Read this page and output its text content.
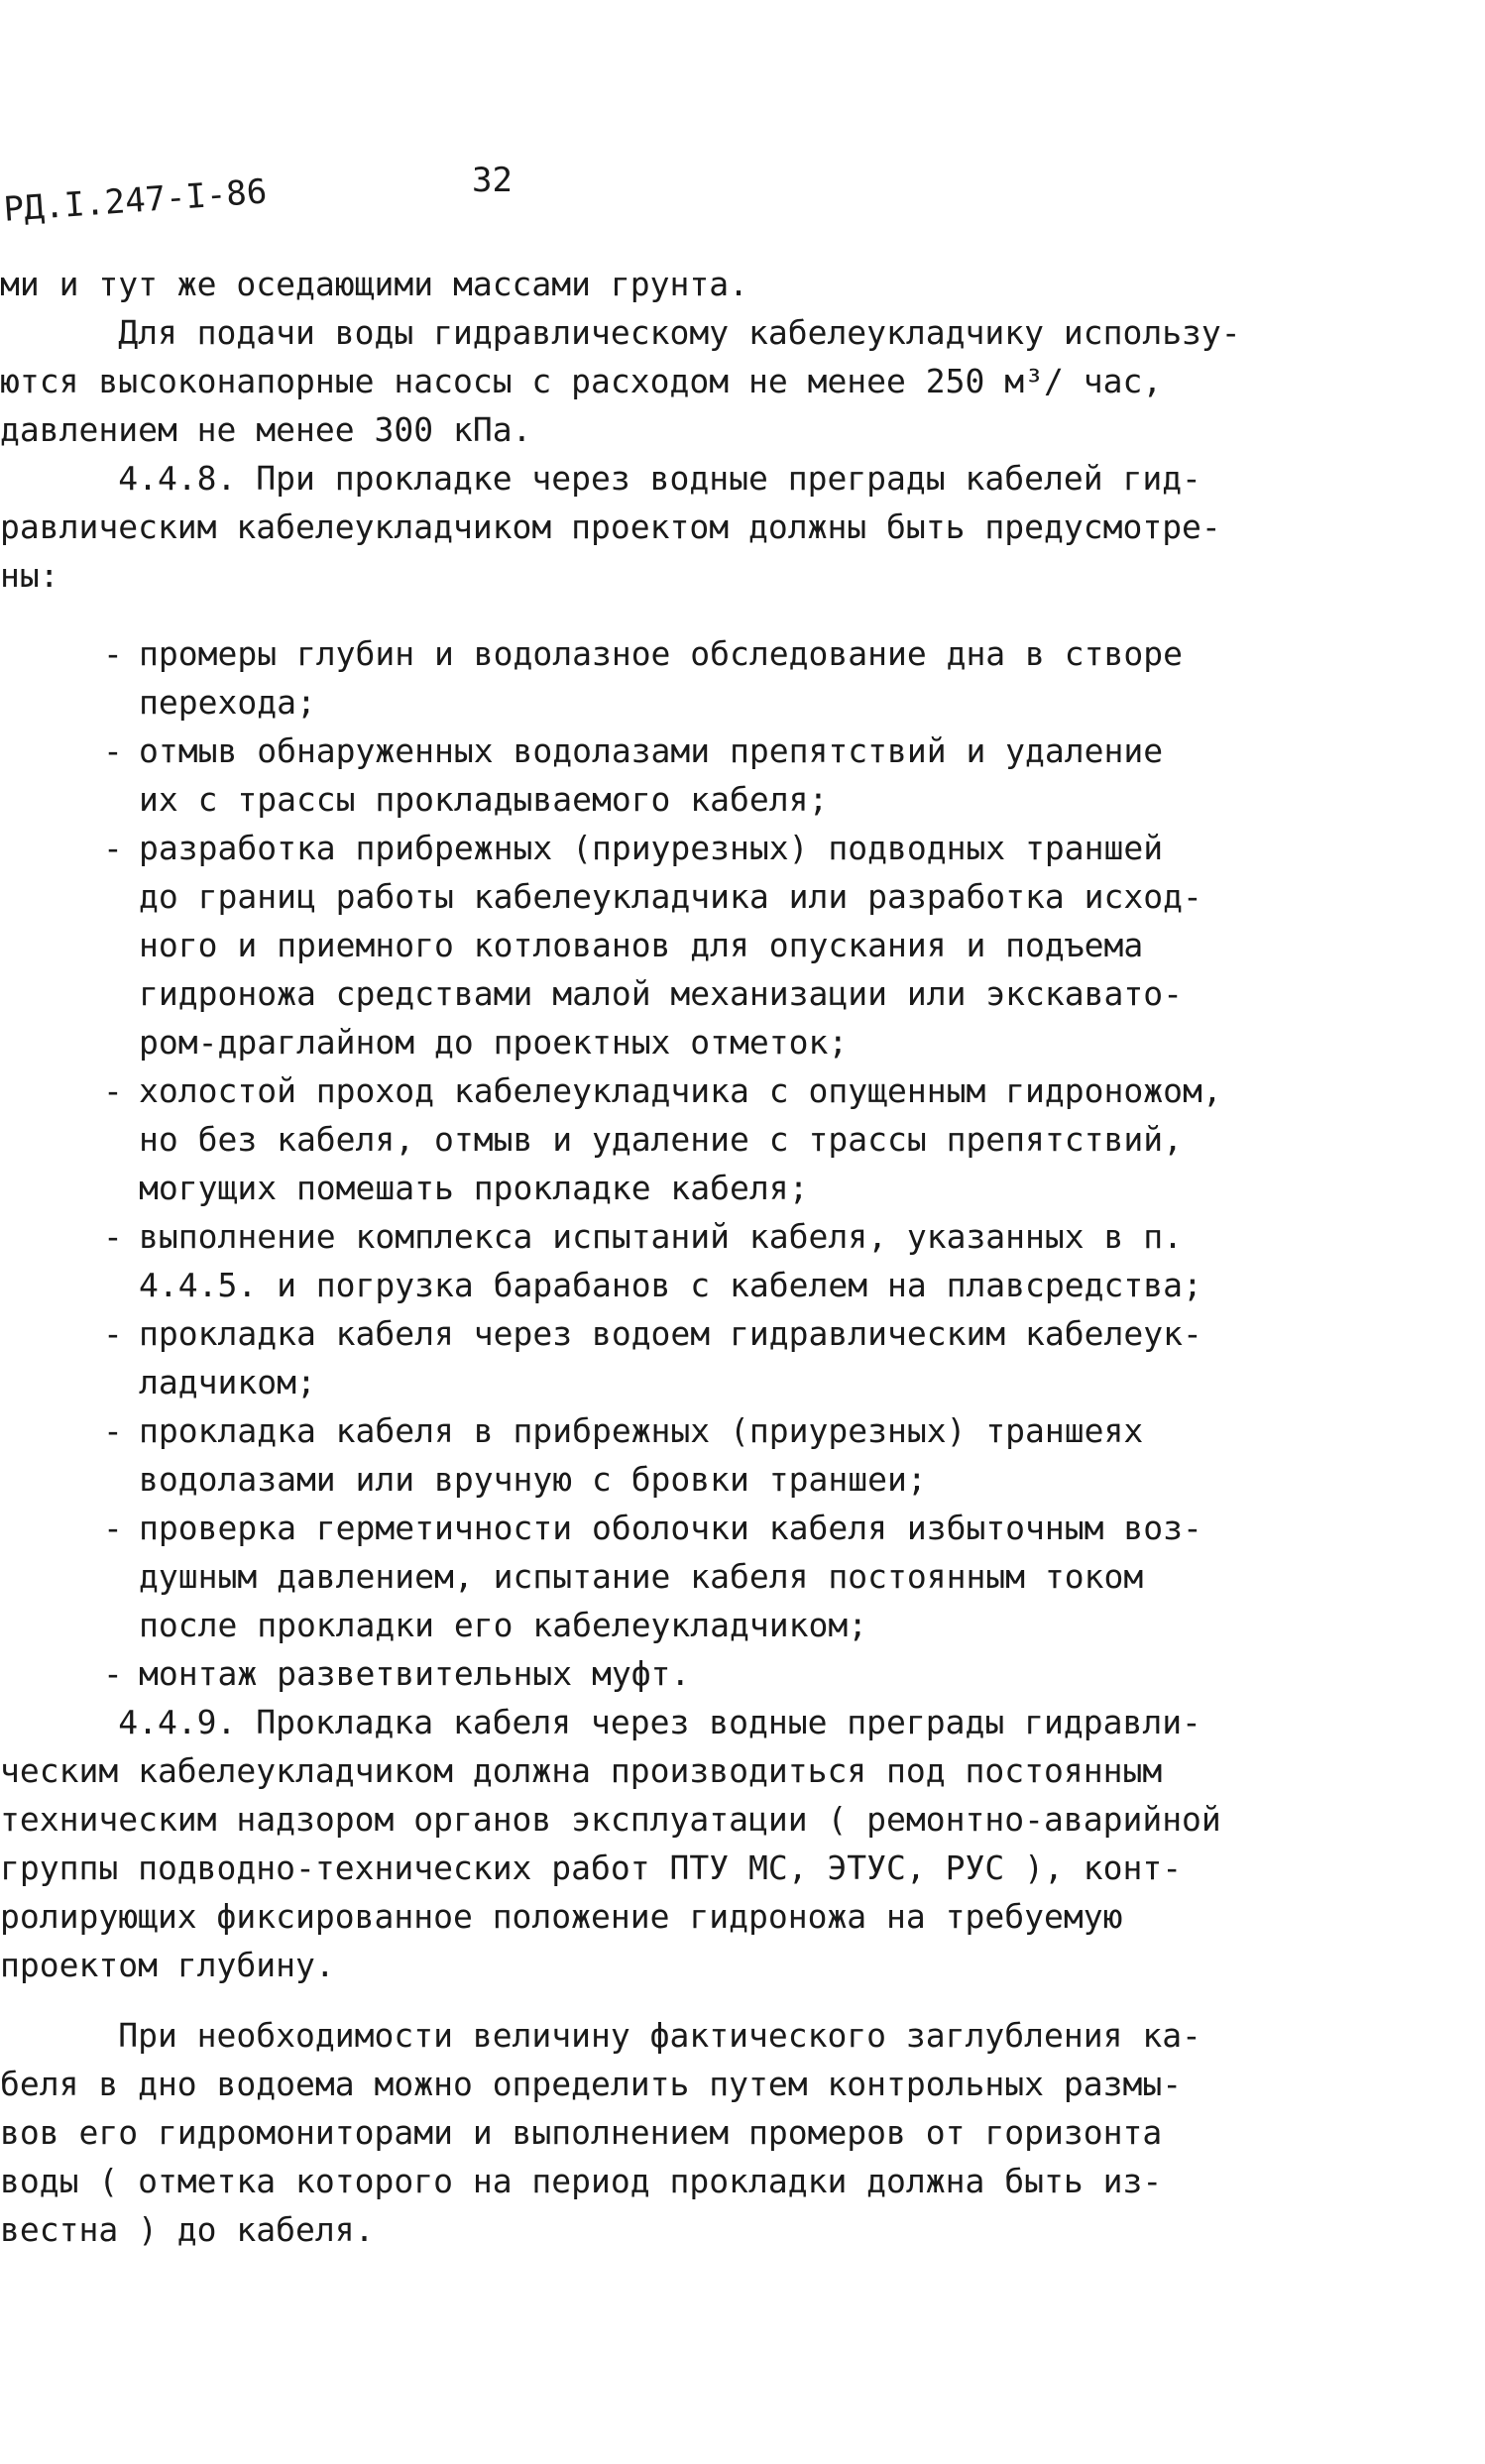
32
РД.I.247-I-86

ми и тут же оседающими массами грунта.

Для подачи воды гидравлическому кабелеукладчику использу-

ются высоконапорные насосы с расходом не менее 250 м³/ час,

давлением не менее 300 кПа.

4.4.8. При прокладке через водные преграды кабелей гид-

равлическим кабелеукладчиком проектом должны быть предусмотре-

ны:

- промеры глубин и водолазное обследование дна в створе
перехода;
- отмыв обнаруженных водолазами препятствий и удаление
их с трассы прокладываемого кабеля;
- разработка прибрежных (приурезных) подводных траншей
до границ работы кабелеукладчика или разработка исход-
ного и приемного котлованов для опускания и подъема
гидроножа средствами малой механизации или экскавато-
ром-драглайном до проектных отметок;
- холостой проход кабелеукладчика с опущенным гидроножом,
но без кабеля, отмыв и удаление с трассы препятствий,
могущих помешать прокладке кабеля;
- выполнение комплекса испытаний кабеля, указанных в п.
4.4.5. и погрузка барабанов с кабелем на плавсредства;
- прокладка кабеля через водоем гидравлическим кабелеук-
ладчиком;
- прокладка кабеля в прибрежных (приурезных) траншеях
водолазами или вручную с бровки траншеи;
- проверка герметичности оболочки кабеля избыточным воз-
душным давлением, испытание кабеля постоянным током
после прокладки его кабелеукладчиком;
- монтаж разветвительных муфт.

4.4.9. Прокладка кабеля через водные преграды гидравли-

ческим кабелеукладчиком должна производиться под постоянным

техническим надзором органов эксплуатации ( ремонтно-аварийной

группы подводно-технических работ ПТУ МС, ЭТУС, РУС ), конт-

ролирующих фиксированное положение гидроножа на требуемую

проектом глубину.

При необходимости величину фактического заглубления ка-

беля в дно водоема можно определить путем контрольных размы-

вов его гидромониторами и выполнением промеров от горизонта

воды ( отметка которого на период прокладки должна быть из-

вестна ) до кабеля.
